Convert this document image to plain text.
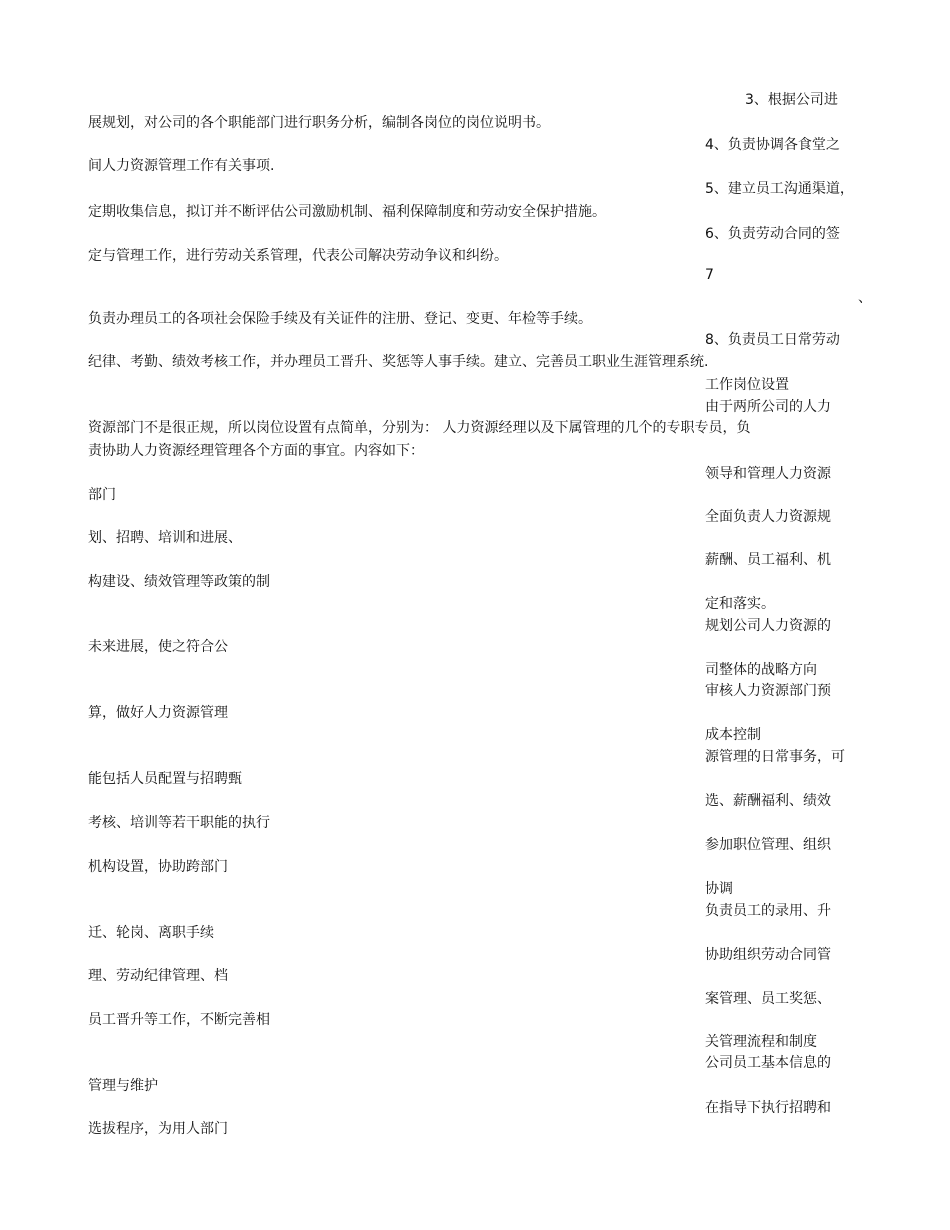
3、根据公司进
展规划，对公司的各个职能部门进行职务分析，编制各岗位的岗位说明书。
4、负责协调各食堂之
间人力资源管理工作有关事项.
5、建立员工沟通渠道，
定期收集信息，拟订并不断评估公司激励机制、福利保障制度和劳动安全保护措施。
6、负责劳动合同的签
定与管理工作，进行劳动关系管理，代表公司解决劳动争议和纠纷。
7
、
负责办理员工的各项社会保险手续及有关证件的注册、登记、变更、年检等手续。
8、负责员工日常劳动
纪律、考勤、绩效考核工作，并办理员工晋升、奖惩等人事手续。建立、完善员工职业生涯管理系统.
工作岗位设置
由于两所公司的人力
资源部门不是很正规，所以岗位设置有点简单，分别为： 人力资源经理以及下属管理的几个的专职专员，负
责协助人力资源经理管理各个方面的事宜。内容如下：
领导和管理人力资源
部门
全面负责人力资源规
划、招聘、培训和进展、
薪酬、员工福利、机
构建设、绩效管理等政策的制
定和落实。
规划公司人力资源的
未来进展，使之符合公
司整体的战略方向
审核人力资源部门预
算，做好人力资源管理
成本控制
源管理的日常事务，可
能包括人员配置与招聘甄
选、薪酬福利、绩效
考核、培训等若干职能的执行
参加职位管理、组织
机构设置，协助跨部门
协调
负责员工的录用、升
迁、轮岗、离职手续
协助组织劳动合同管
理、劳动纪律管理、档
案管理、员工奖惩、
员工晋升等工作，不断完善相
关管理流程和制度
公司员工基本信息的
管理与维护
在指导下执行招聘和
选拔程序，为用人部门
